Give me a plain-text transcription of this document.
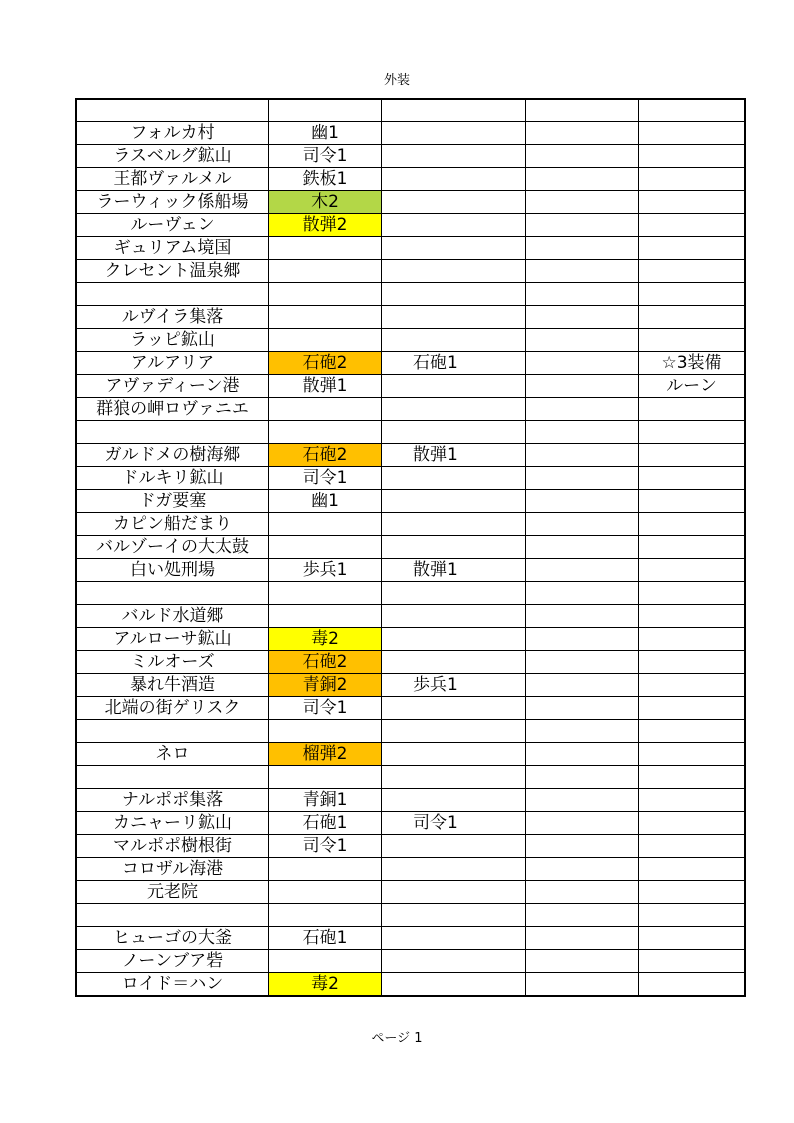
外装

フォルカ村	幽1			
ラスベルグ鉱山	司令1			
王都ヴァルメル	鉄板1			
ラーウィック係船場	木2			
ルーヴェン	散弾2			
ギュリアム境国				
クレセント温泉郷				

ルヴイラ集落				
ラッピ鉱山				
アルアリア	石砲2	石砲1		☆3装備
アヴァディーン港	散弾1			ルーン
群狼の岬ロヴァニエ				

ガルドメの樹海郷	石砲2	散弾1		
ドルキリ鉱山	司令1			
ドガ要塞	幽1			
カピン船だまり				
バルゾーイの大太鼓				
白い処刑場	歩兵1	散弾1		

バルド水道郷				
アルローサ鉱山	毒2			
ミルオーズ	石砲2			
暴れ牛酒造	青銅2	歩兵1		
北端の街ゲリスク	司令1			

ネロ	榴弾2			

ナルポポ集落	青銅1			
カニャーリ鉱山	石砲1	司令1		
マルポポ樹根街	司令1			
コロザル海港				
元老院				

ヒューゴの大釜	石砲1			
ノーンブア砦				
ロイド＝ハン	毒2			
ページ 1
